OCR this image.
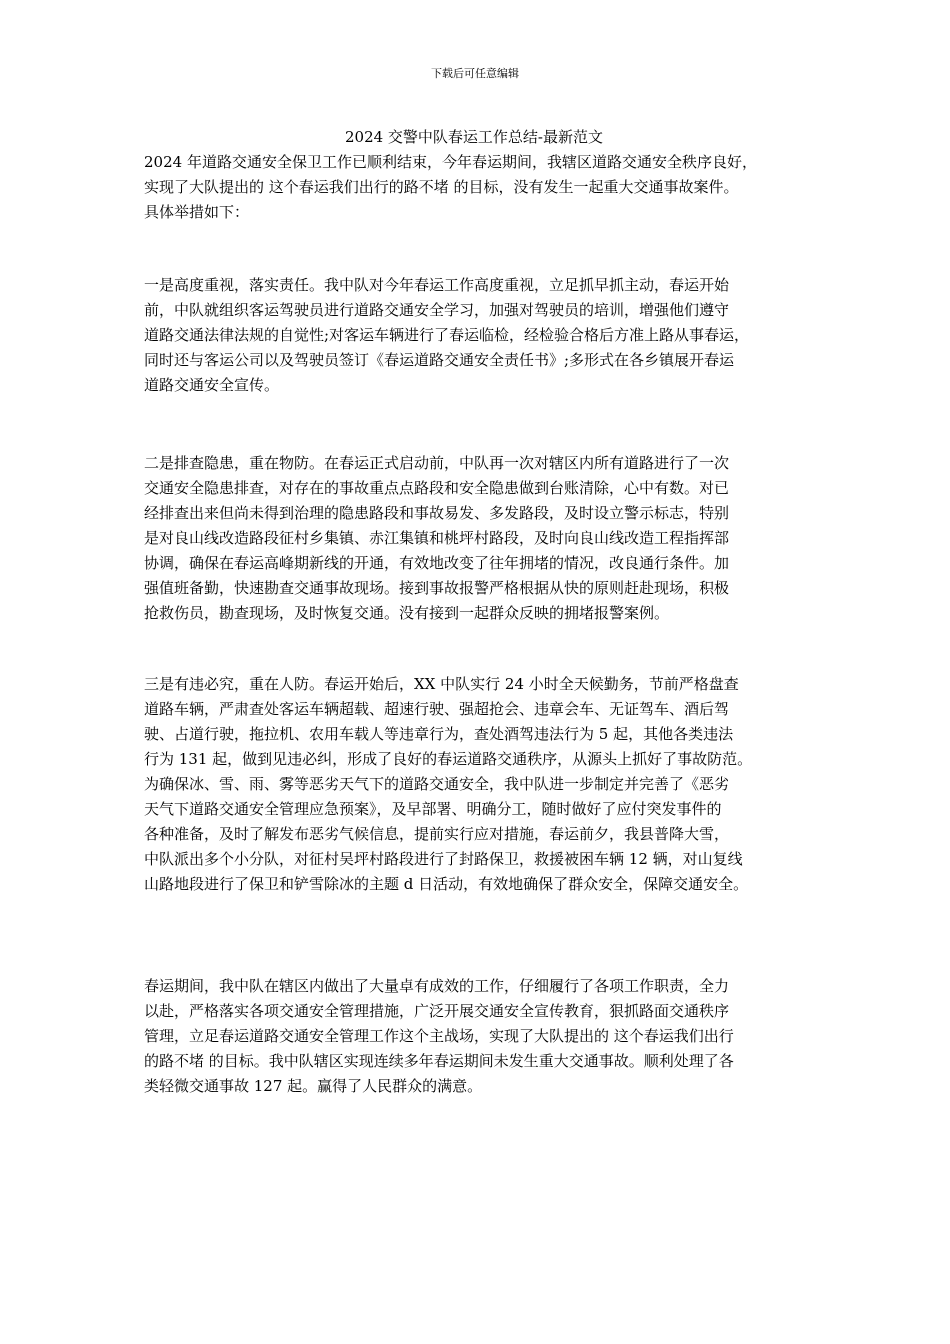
下载后可任意编辑
2024 交警中队春运工作总结-最新范文

2024 年道路交通安全保卫工作已顺利结束，今年春运期间，我辖区道路交通安全秩序良好，
实现了大队提出的 这个春运我们出行的路不堵 的目标，没有发生一起重大交通事故案件。
具体举措如下：

一是高度重视，落实责任。我中队对今年春运工作高度重视，立足抓早抓主动，春运开始
前，中队就组织客运驾驶员进行道路交通安全学习，加强对驾驶员的培训，增强他们遵守
道路交通法律法规的自觉性;对客运车辆进行了春运临检，经检验合格后方准上路从事春运，
同时还与客运公司以及驾驶员签订《春运道路交通安全责任书》;多形式在各乡镇展开春运
道路交通安全宣传。

二是排查隐患，重在物防。在春运正式启动前，中队再一次对辖区内所有道路进行了一次
交通安全隐患排查，对存在的事故重点点路段和安全隐患做到台账清除，心中有数。对已
经排查出来但尚未得到治理的隐患路段和事故易发、多发路段，及时设立警示标志，特别
是对良山线改造路段征村乡集镇、赤江集镇和桃坪村路段，及时向良山线改造工程指挥部
协调，确保在春运高峰期新线的开通，有效地改变了往年拥堵的情况，改良通行条件。加
强值班备勤，快速勘查交通事故现场。接到事故报警严格根据从快的原则赶赴现场，积极
抢救伤员，勘查现场，及时恢复交通。没有接到一起群众反映的拥堵报警案例。

三是有违必究，重在人防。春运开始后，XX 中队实行 24 小时全天候勤务，节前严格盘查
道路车辆，严肃查处客运车辆超载、超速行驶、强超抢会、违章会车、无证驾车、酒后驾
驶、占道行驶，拖拉机、农用车载人等违章行为，查处酒驾违法行为 5 起，其他各类违法
行为 131 起，做到见违必纠，形成了良好的春运道路交通秩序，从源头上抓好了事故防范。
为确保冰、雪、雨、雾等恶劣天气下的道路交通安全，我中队进一步制定并完善了《恶劣
天气下道路交通安全管理应急预案》，及早部署、明确分工，随时做好了应付突发事件的
各种准备，及时了解发布恶劣气候信息，提前实行应对措施，春运前夕，我县普降大雪，
中队派出多个小分队，对征村吴坪村路段进行了封路保卫，救援被困车辆 12 辆，对山复线
山路地段进行了保卫和铲雪除冰的主题 d 日活动，有效地确保了群众安全，保障交通安全。

春运期间，我中队在辖区内做出了大量卓有成效的工作，仔细履行了各项工作职责，全力
以赴，严格落实各项交通安全管理措施，广泛开展交通安全宣传教育，狠抓路面交通秩序
管理，立足春运道路交通安全管理工作这个主战场，实现了大队提出的 这个春运我们出行
的路不堵 的目标。我中队辖区实现连续多年春运期间未发生重大交通事故。顺利处理了各
类轻微交通事故 127 起。赢得了人民群众的满意。
